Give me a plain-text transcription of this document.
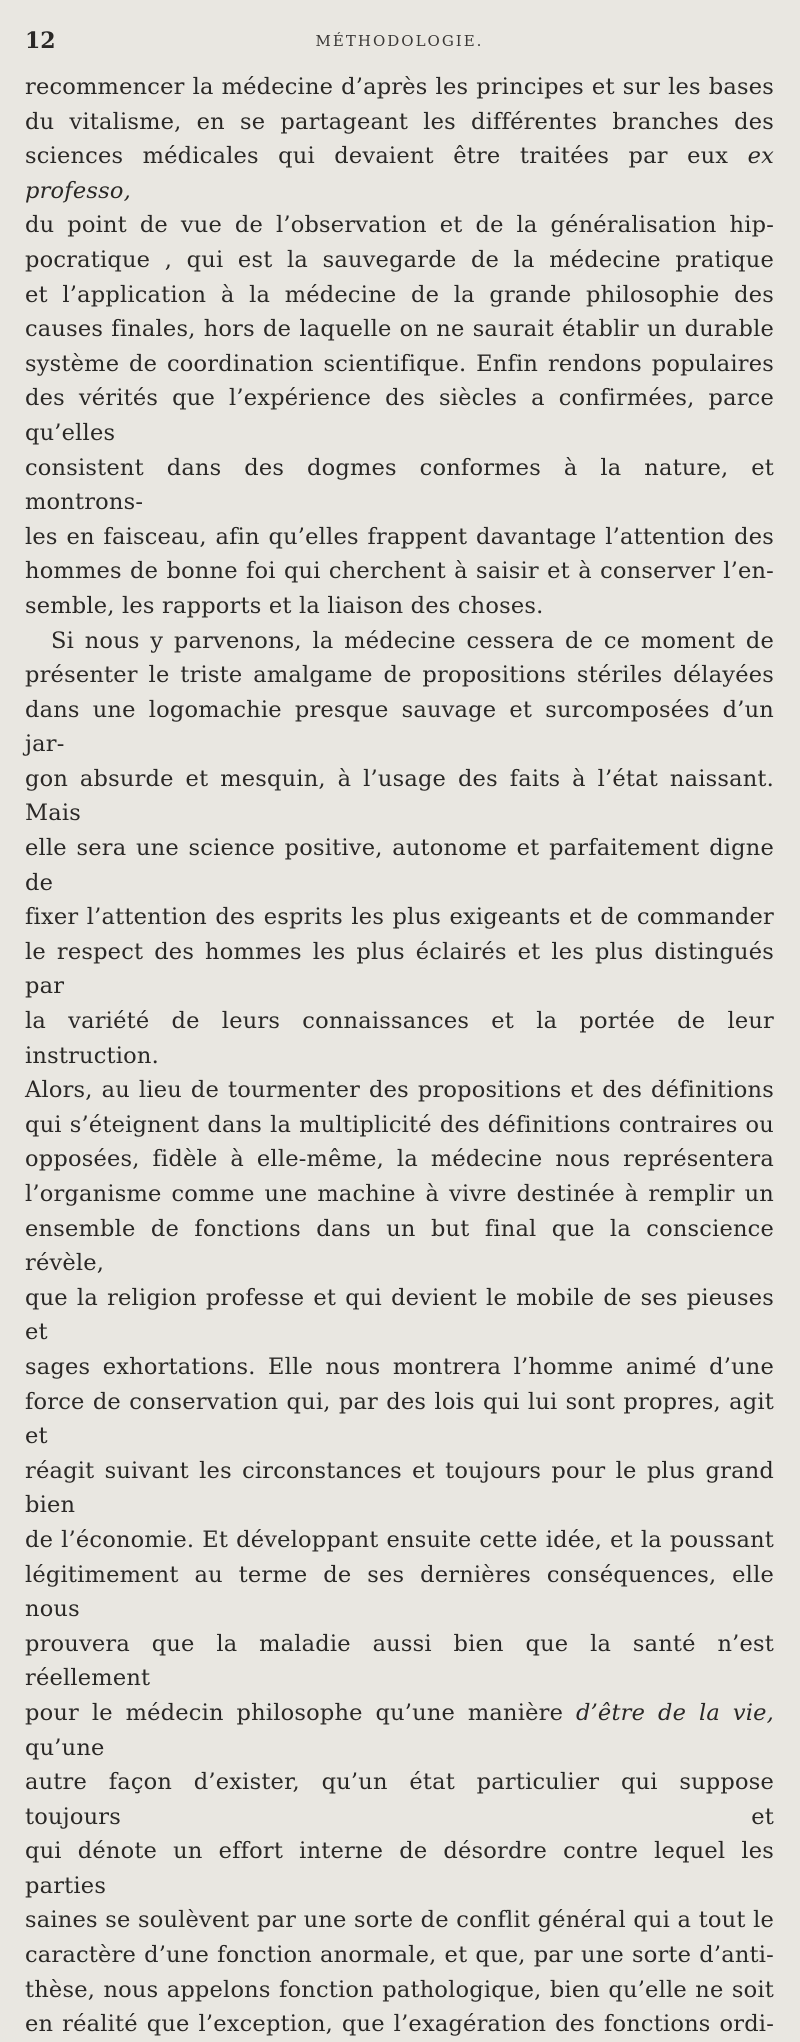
12	MÉTHODOLOGIE.

recommencer la médecine d’après les principes et sur les bases

du vitalisme, en se partageant les différentes branches des

sciences médicales qui devaient être traitées par eux ex professo,

du point de vue de l’observation et de la généralisation hip-

pocratique , qui est la sauvegarde de la médecine pratique

et l’application à la médecine de la grande philosophie des

causes finales, hors de laquelle on ne saurait établir un durable

système de coordination scientifique. Enfin rendons populaires

des vérités que l’expérience des siècles a confirmées, parce qu’elles

consistent dans des dogmes conformes à la nature, et montrons-

les en faisceau, afin qu’elles frappent davantage l’attention des

hommes de bonne foi qui cherchent à saisir et à conserver l’en-

semble, les rapports et la liaison des choses.

Si nous y parvenons, la médecine cessera de ce moment de

présenter le triste amalgame de propositions stériles délayées

dans une logomachie presque sauvage et surcomposées d’un jar-

gon absurde et mesquin, à l’usage des faits à l’état naissant. Mais

elle sera une science positive, autonome et parfaitement digne de

fixer l’attention des esprits les plus exigeants et de commander

le respect des hommes les plus éclairés et les plus distingués par

la variété de leurs connaissances et la portée de leur instruction.

Alors, au lieu de tourmenter des propositions et des définitions

qui s’éteignent dans la multiplicité des définitions contraires ou

opposées, fidèle à elle-même, la médecine nous représentera

l’organisme comme une machine à vivre destinée à remplir un

ensemble de fonctions dans un but final que la conscience révèle,

que la religion professe et qui devient le mobile de ses pieuses et

sages exhortations. Elle nous montrera l’homme animé d’une

force de conservation qui, par des lois qui lui sont propres, agit et

réagit suivant les circonstances et toujours pour le plus grand bien

de l’économie. Et développant ensuite cette idée, et la poussant

légitimement au terme de ses dernières conséquences, elle nous

prouvera que la maladie aussi bien que la santé n’est réellement

pour le médecin philosophe qu’une manière d’être de la vie, qu’une

autre façon d’exister, qu’un état particulier qui suppose toujours et

qui dénote un effort interne de désordre contre lequel les parties

saines se soulèvent par une sorte de conflit général qui a tout le

caractère d’une fonction anormale, et que, par une sorte d’anti-

thèse, nous appelons fonction pathologique, bien qu’elle ne soit

en réalité que l’exception, que l’exagération des fonctions ordi-
